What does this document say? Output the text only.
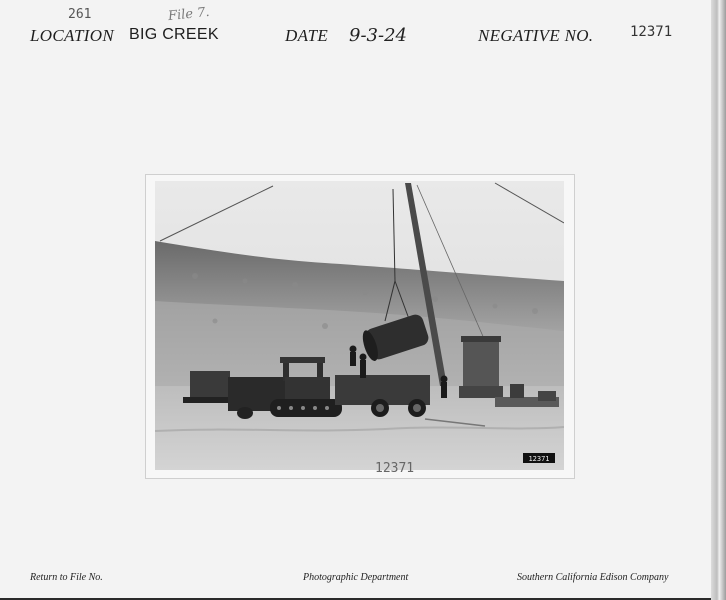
261	File 7.
LOCATION BIG CREEK	DATE 9-3-24	NEGATIVE NO.	12371
12371
12371
Return to File No.	Photographic Department	Southern California Edison Company
